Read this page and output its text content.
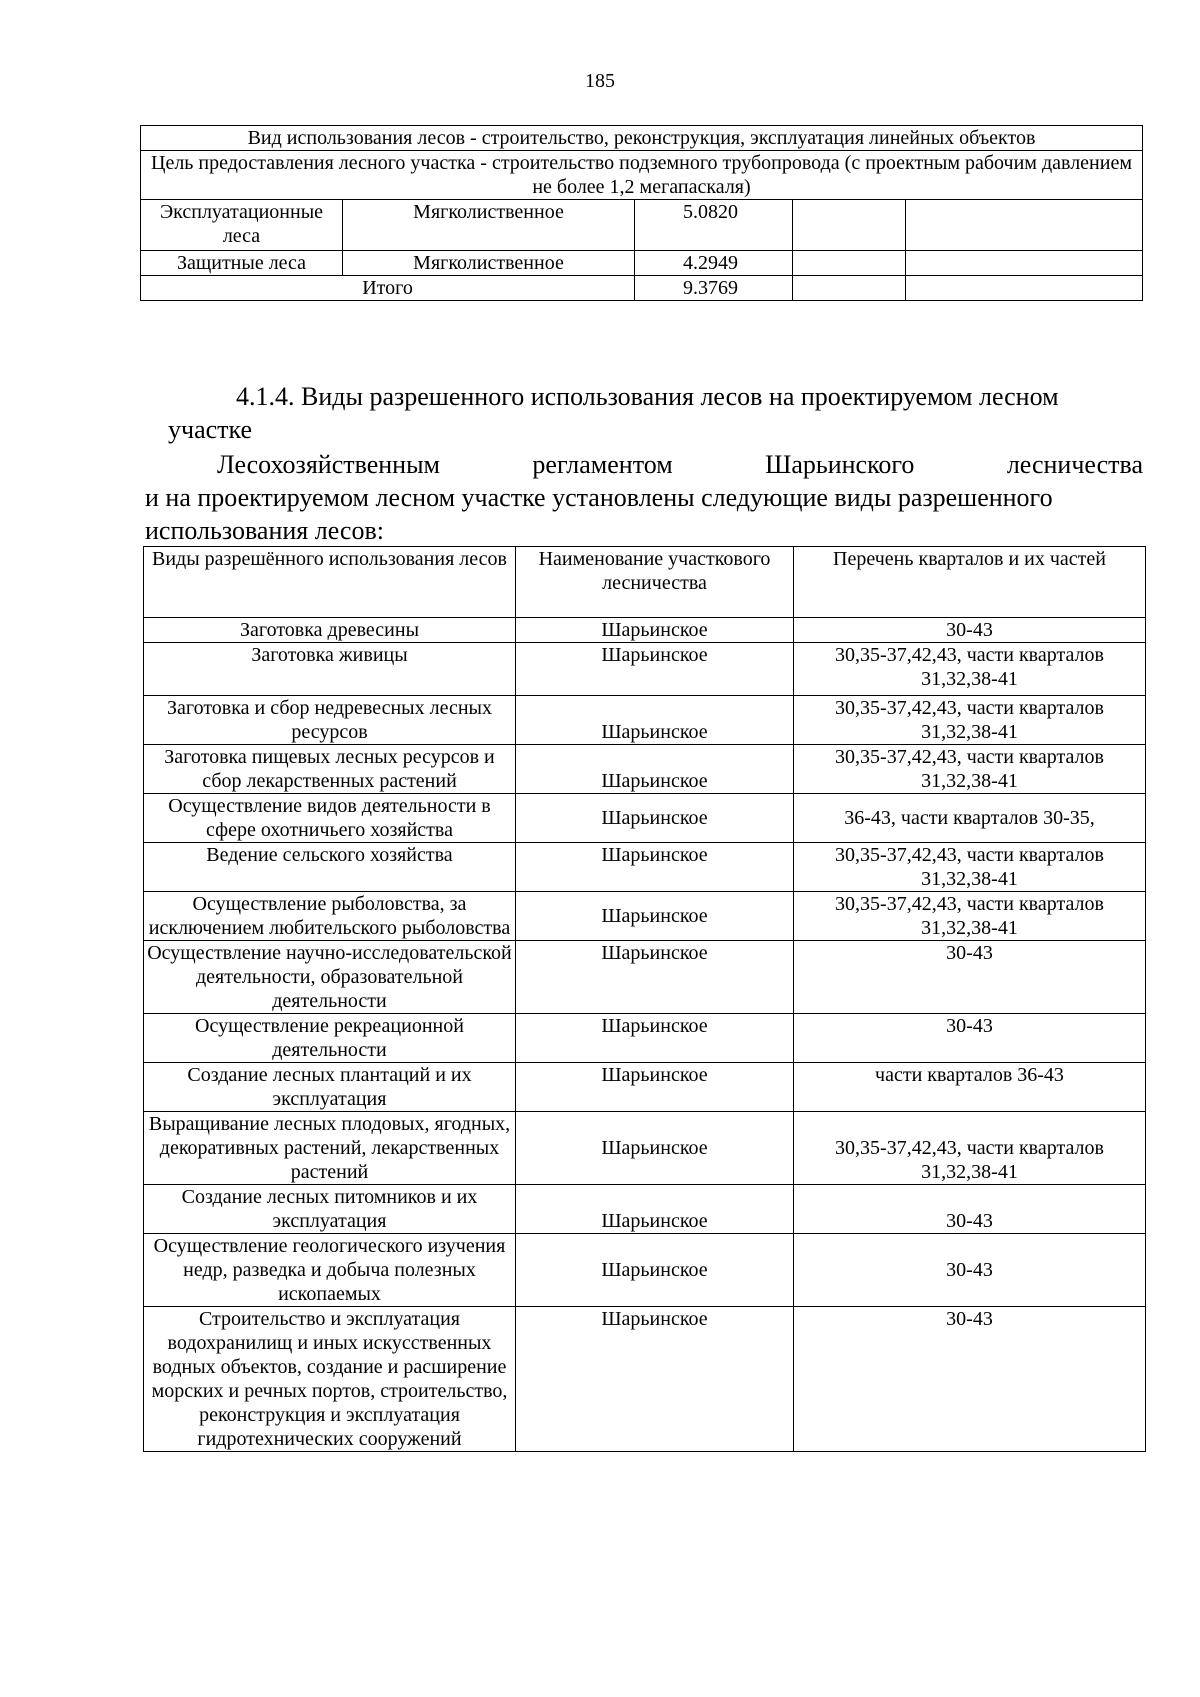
185
Вид использования лесов - строительство, реконструкция, эксплуатация линейных объектов				
Цель предоставления лесного участка - строительство подземного трубопровода (с проектным рабочим давлением не более 1,2 мегапаскаля)				
Эксплуатационные леса	Мягколиственное	5.0820		
Защитные леса	Мягколиственное	4.2949		
Итого		9.3769		
4.1.4. Виды разрешенного использования лесов на проектируемом лесном
участке
Лесохозяйственным	регламентом	Шарьинского	лесничества
и на проектируемом лесном участке установлены следующие виды разрешенного использования лесов:
Виды разрешённого использования лесов	Наименование участкового лесничества	Перечень кварталов и их частей
Заготовка древесины	Шарьинское	30-43
Заготовка живицы	Шарьинское	30,35-37,42,43, части кварталов 31,32,38-41
Заготовка и сбор недревесных лесных ресурсов	Шарьинское	30,35-37,42,43, части кварталов 31,32,38-41
Заготовка пищевых лесных ресурсов и сбор лекарственных растений	Шарьинское	30,35-37,42,43, части кварталов 31,32,38-41
Осуществление видов деятельности в сфере охотничьего хозяйства	Шарьинское	36-43, части кварталов 30-35,
Ведение сельского хозяйства	Шарьинское	30,35-37,42,43, части кварталов 31,32,38-41
Осуществление рыболовства, за исключением любительского рыболовства	Шарьинское	30,35-37,42,43, части кварталов 31,32,38-41
Осуществление научно-исследовательской деятельности, образовательной деятельности	Шарьинское	30-43
Осуществление рекреационной деятельности	Шарьинское	30-43
Создание лесных плантаций и их эксплуатация	Шарьинское	части кварталов 36-43
Выращивание лесных плодовых, ягодных, декоративных растений, лекарственных растений	Шарьинское	30,35-37,42,43, части кварталов 31,32,38-41
Создание лесных питомников и их эксплуатация	Шарьинское	30-43
Осуществление геологического изучения недр, разведка и добыча полезных ископаемых	Шарьинское	30-43
Строительство и эксплуатация водохранилищ и иных искусственных водных объектов, создание и расширение морских и речных портов, строительство, реконструкция и эксплуатация гидротехнических сооружений	Шарьинское	30-43
